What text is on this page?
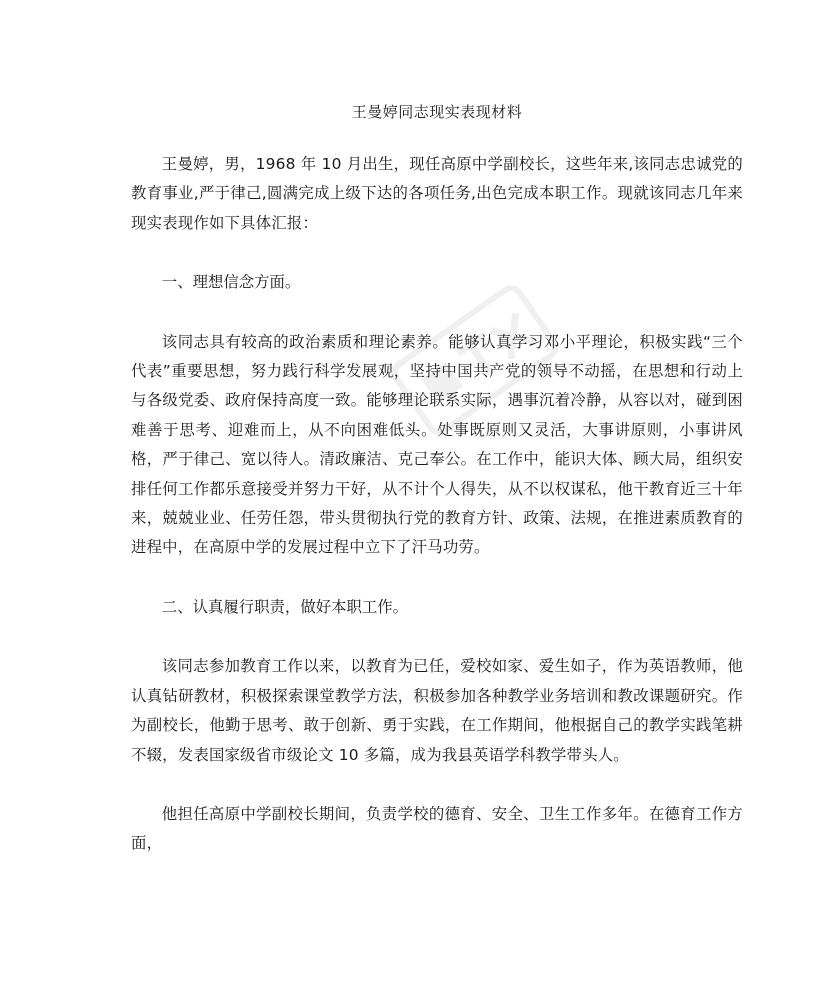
王曼婷同志现实表现材料

王曼婷，男，1968 年 10 月出生，现任高原中学副校长，这些年来,该同志忠诚党的教育事业,严于律己,圆满完成上级下达的各项任务,出色完成本职工作。现就该同志几年来现实表现作如下具体汇报：

一、理想信念方面。

该同志具有较高的政治素质和理论素养。能够认真学习邓小平理论，积极实践“三个代表”重要思想，努力践行科学发展观，坚持中国共产党的领导不动摇，在思想和行动上与各级党委、政府保持高度一致。能够理论联系实际，遇事沉着冷静，从容以对，碰到困难善于思考、迎难而上，从不向困难低头。处事既原则又灵活，大事讲原则，小事讲风格，严于律己、宽以待人。清政廉洁、克己奉公。在工作中，能识大体、顾大局，组织安排任何工作都乐意接受并努力干好，从不计个人得失，从不以权谋私，他干教育近三十年来，兢兢业业、任劳任怨，带头贯彻执行党的教育方针、政策、法规，在推进素质教育的进程中，在高原中学的发展过程中立下了汗马功劳。

二、认真履行职责，做好本职工作。

该同志参加教育工作以来，以教育为已任，爱校如家、爱生如子，作为英语教师，他认真钻研教材，积极探索课堂教学方法，积极参加各种教学业务培训和教改课题研究。作为副校长，他勤于思考、敢于创新、勇于实践，在工作期间，他根据自己的教学实践笔耕不辍，发表国家级省市级论文 10 多篇，成为我县英语学科教学带头人。

他担任高原中学副校长期间，负责学校的德育、安全、卫生工作多年。在德育工作方面，
